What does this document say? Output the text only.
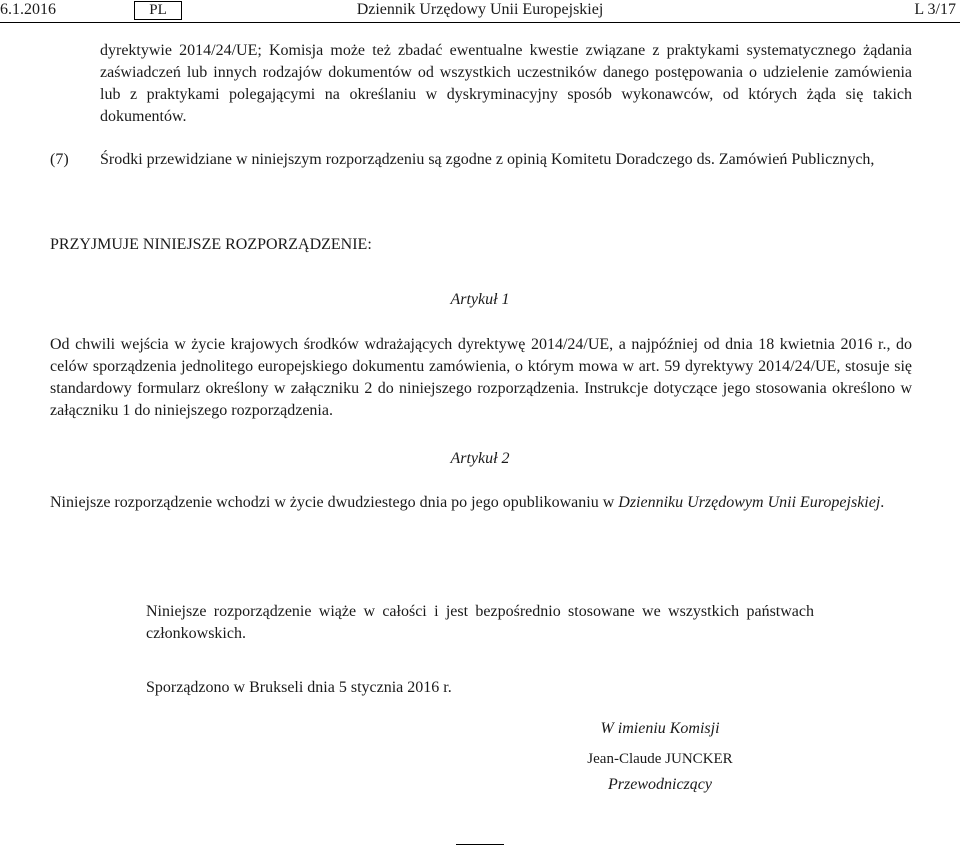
Dziennik Urzędowy Unii Europejskiej
6.1.2016	PL	L 3/17

dyrektywie 2014/24/UE; Komisja może też zbadać ewentualne kwestie związane z praktykami systematycznego żądania zaświadczeń lub innych rodzajów dokumentów od wszystkich uczestników danego postępowania o udzielenie zamówienia lub z praktykami polegającymi na określaniu w dyskryminacyjny sposób wykonawców, od których żąda się takich dokumentów.

(7) Środki przewidziane w niniejszym rozporządzeniu są zgodne z opinią Komitetu Doradczego ds. Zamówień Publicznych,

PRZYJMUJE NINIEJSZE ROZPORZĄDZENIE:

Artykuł 1

Od chwili wejścia w życie krajowych środków wdrażających dyrektywę 2014/24/UE, a najpóźniej od dnia 18 kwietnia 2016 r., do celów sporządzenia jednolitego europejskiego dokumentu zamówienia, o którym mowa w art. 59 dyrektywy 2014/24/UE, stosuje się standardowy formularz określony w załączniku 2 do niniejszego rozporządzenia. Instrukcje dotyczące jego stosowania określono w załączniku 1 do niniejszego rozporządzenia.

Artykuł 2

Niniejsze rozporządzenie wchodzi w życie dwudziestego dnia po jego opublikowaniu w Dzienniku Urzędowym Unii Europejskiej.

Niniejsze rozporządzenie wiąże w całości i jest bezpośrednio stosowane we wszystkich państwach członkowskich.

Sporządzono w Brukseli dnia 5 stycznia 2016 r.

W imieniu Komisji

Jean-Claude JUNCKER

Przewodniczący
